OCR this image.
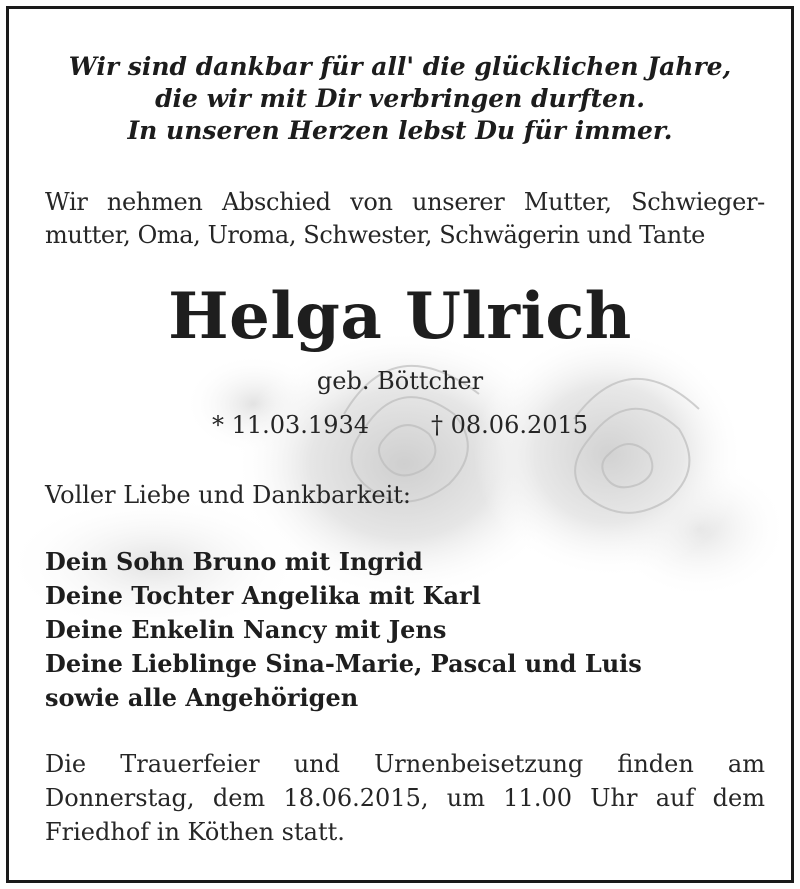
Wir sind dankbar für all' die glücklichen Jahre,
die wir mit Dir verbringen durften.
In unseren Herzen lebst Du für immer.
Wir nehmen Abschied von unserer Mutter, Schwieger-
mutter, Oma, Uroma, Schwester, Schwägerin und Tante
Helga Ulrich
geb. Böttcher
* 11.03.1934	† 08.06.2015
Voller Liebe und Dankbarkeit:
Dein Sohn Bruno mit Ingrid
Deine Tochter Angelika mit Karl
Deine Enkelin Nancy mit Jens
Deine Lieblinge Sina-Marie, Pascal und Luis
sowie alle Angehörigen
Die Trauerfeier und Urnenbeisetzung finden am
Donnerstag, dem 18.06.2015, um 11.00 Uhr auf dem
Friedhof in Köthen statt.
